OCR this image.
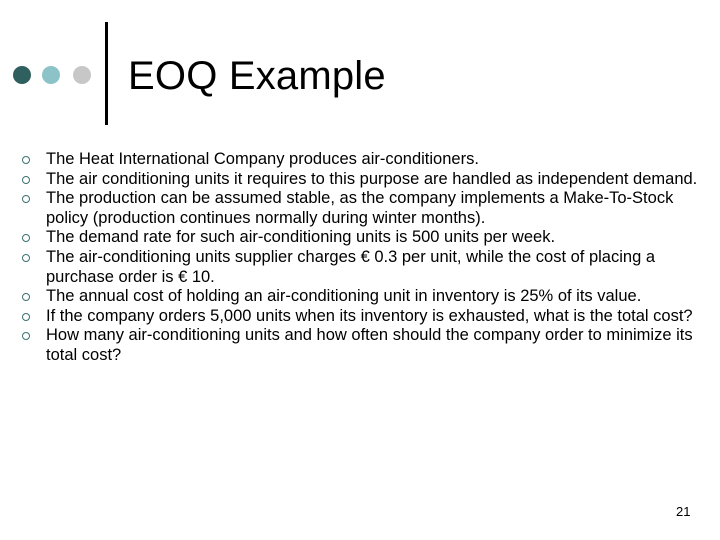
EOQ Example
The Heat International Company produces air-conditioners.
The air conditioning units it requires to this purpose are handled as independent demand.
The production can be assumed stable, as the company implements a Make-To-Stock policy (production continues normally during winter months).
The demand rate for such air-conditioning units is 500 units per week.
The air-conditioning units supplier charges € 0.3 per unit, while the cost of placing a purchase order is € 10.
The annual cost of holding an air-conditioning unit in inventory is 25% of its value.
If the company orders 5,000 units when its inventory is exhausted, what is the total cost?
How many air-conditioning units and how often should the company order to minimize its total cost?
21
